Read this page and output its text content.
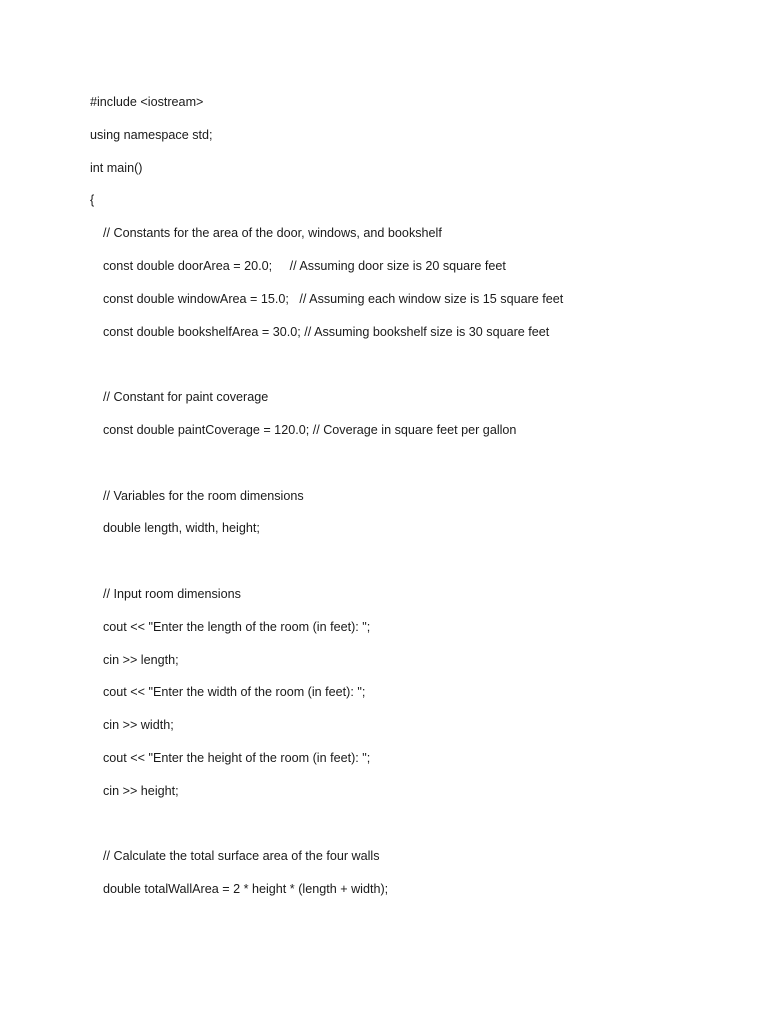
#include <iostream>
using namespace std;
int main()
{
// Constants for the area of the door, windows, and bookshelf
const double doorArea = 20.0;     // Assuming door size is 20 square feet
const double windowArea = 15.0;   // Assuming each window size is 15 square feet
const double bookshelfArea = 30.0; // Assuming bookshelf size is 30 square feet
// Constant for paint coverage
const double paintCoverage = 120.0; // Coverage in square feet per gallon
// Variables for the room dimensions
double length, width, height;
// Input room dimensions
cout << "Enter the length of the room (in feet): ";
cin >> length;
cout << "Enter the width of the room (in feet): ";
cin >> width;
cout << "Enter the height of the room (in feet): ";
cin >> height;
// Calculate the total surface area of the four walls
double totalWallArea = 2 * height * (length + width);
